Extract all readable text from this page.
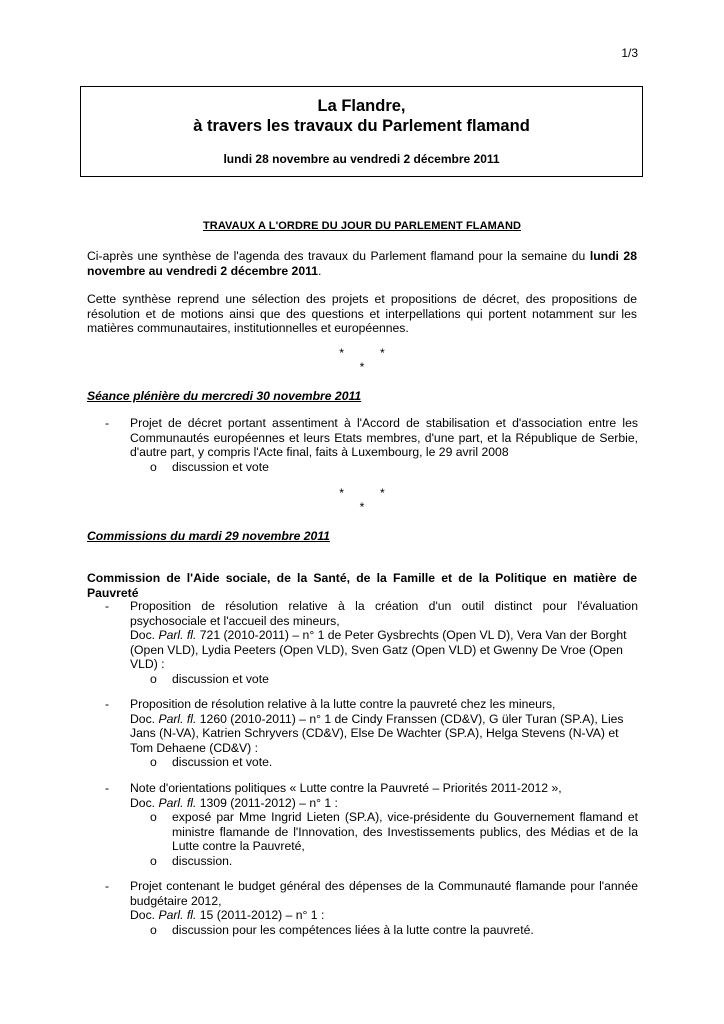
1/3
La Flandre,
à travers les travaux du Parlement flamand
lundi 28 novembre au vendredi 2 décembre 2011
TRAVAUX A L'ORDRE DU JOUR DU PARLEMENT FLAMAND
Ci-après une synthèse de l'agenda des travaux du Parlement flamand pour la semaine du lundi 28 novembre au vendredi 2 décembre 2011.
Cette synthèse reprend une sélection des projets et propositions de décret, des propositions de résolution et de motions ainsi que des questions et interpellations qui portent notamment sur les matières communautaires, institutionnelles et européennes.
*	*
*
Séance plénière du mercredi 30 novembre 2011
- Projet de décret portant assentiment à l'Accord de stabilisation et d'association entre les Communautés européennes et leurs Etats membres, d'une part, et la République de Serbie, d'autre part, y compris l'Acte final, faits à Luxembourg, le 29 avril 2008
o discussion et vote
*	*
*
Commissions du mardi 29 novembre 2011
Commission de l'Aide sociale, de la Santé, de la Famille et de la Politique en matière de Pauvreté
- Proposition de résolution relative à la création d'un outil distinct pour l'évaluation psychosociale et l'accueil des mineurs,
Doc. Parl. fl. 721 (2010-2011) – n° 1 de Peter Gysbrechts (Open VL D), Vera Van der Borght (Open VLD), Lydia Peeters (Open VLD), Sven Gatz (Open VLD) et Gwenny De Vroe (Open VLD) :
o discussion et vote
- Proposition de résolution relative à la lutte contre la pauvreté chez les mineurs,
Doc. Parl. fl. 1260 (2010-2011) – n° 1 de Cindy Franssen (CD&V), G üler Turan (SP.A), Lies Jans (N-VA), Katrien Schryvers (CD&V), Else De Wachter (SP.A), Helga Stevens (N-VA) et Tom Dehaene (CD&V) :
o discussion et vote.
- Note d'orientations politiques « Lutte contre la Pauvreté – Priorités 2011-2012 »,
Doc. Parl. fl. 1309 (2011-2012) – n° 1 :
o exposé par Mme Ingrid Lieten (SP.A), vice-présidente du Gouvernement flamand et ministre flamande de l'Innovation, des Investissements publics, des Médias et de la Lutte contre la Pauvreté,
o discussion.
- Projet contenant le budget général des dépenses de la Communauté flamande pour l'année budgétaire 2012,
Doc. Parl. fl. 15 (2011-2012) – n° 1 :
o discussion pour les compétences liées à la lutte contre la pauvreté.
